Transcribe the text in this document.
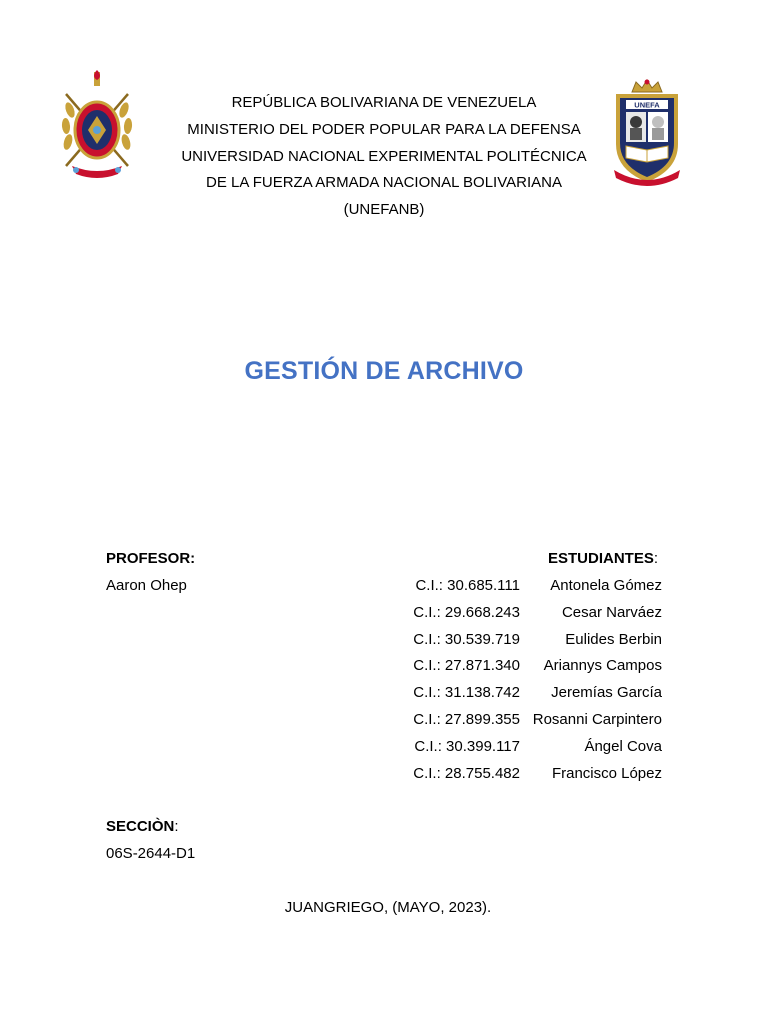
REPÚBLICA BOLIVARIANA DE VENEZUELA
MINISTERIO DEL PODER POPULAR PARA LA DEFENSA
UNIVERSIDAD NACIONAL EXPERIMENTAL POLITÉCNICA
DE LA FUERZA ARMADA NACIONAL BOLIVARIANA
(UNEFANB)
UNEFA
GESTIÓN DE ARCHIVO
PROFESOR:
Aaron Ohep
ESTUDIANTES:
C.I.: 30.685.111 Antonela Gómez
C.I.: 29.668.243	Cesar Narváez
C.I.: 30.539.719	Eulides Berbin
C.I.: 27.871.340 Ariannys Campos
C.I.: 31.138.742 Jeremías García
C.I.: 27.899.355 Rosanni Carpintero
C.I.: 30.399.117	Ángel Cova
C.I.: 28.755.482 Francisco López
SECCIÒN:
06S-2644-D1
JUANGRIEGO, (MAYO, 2023).
